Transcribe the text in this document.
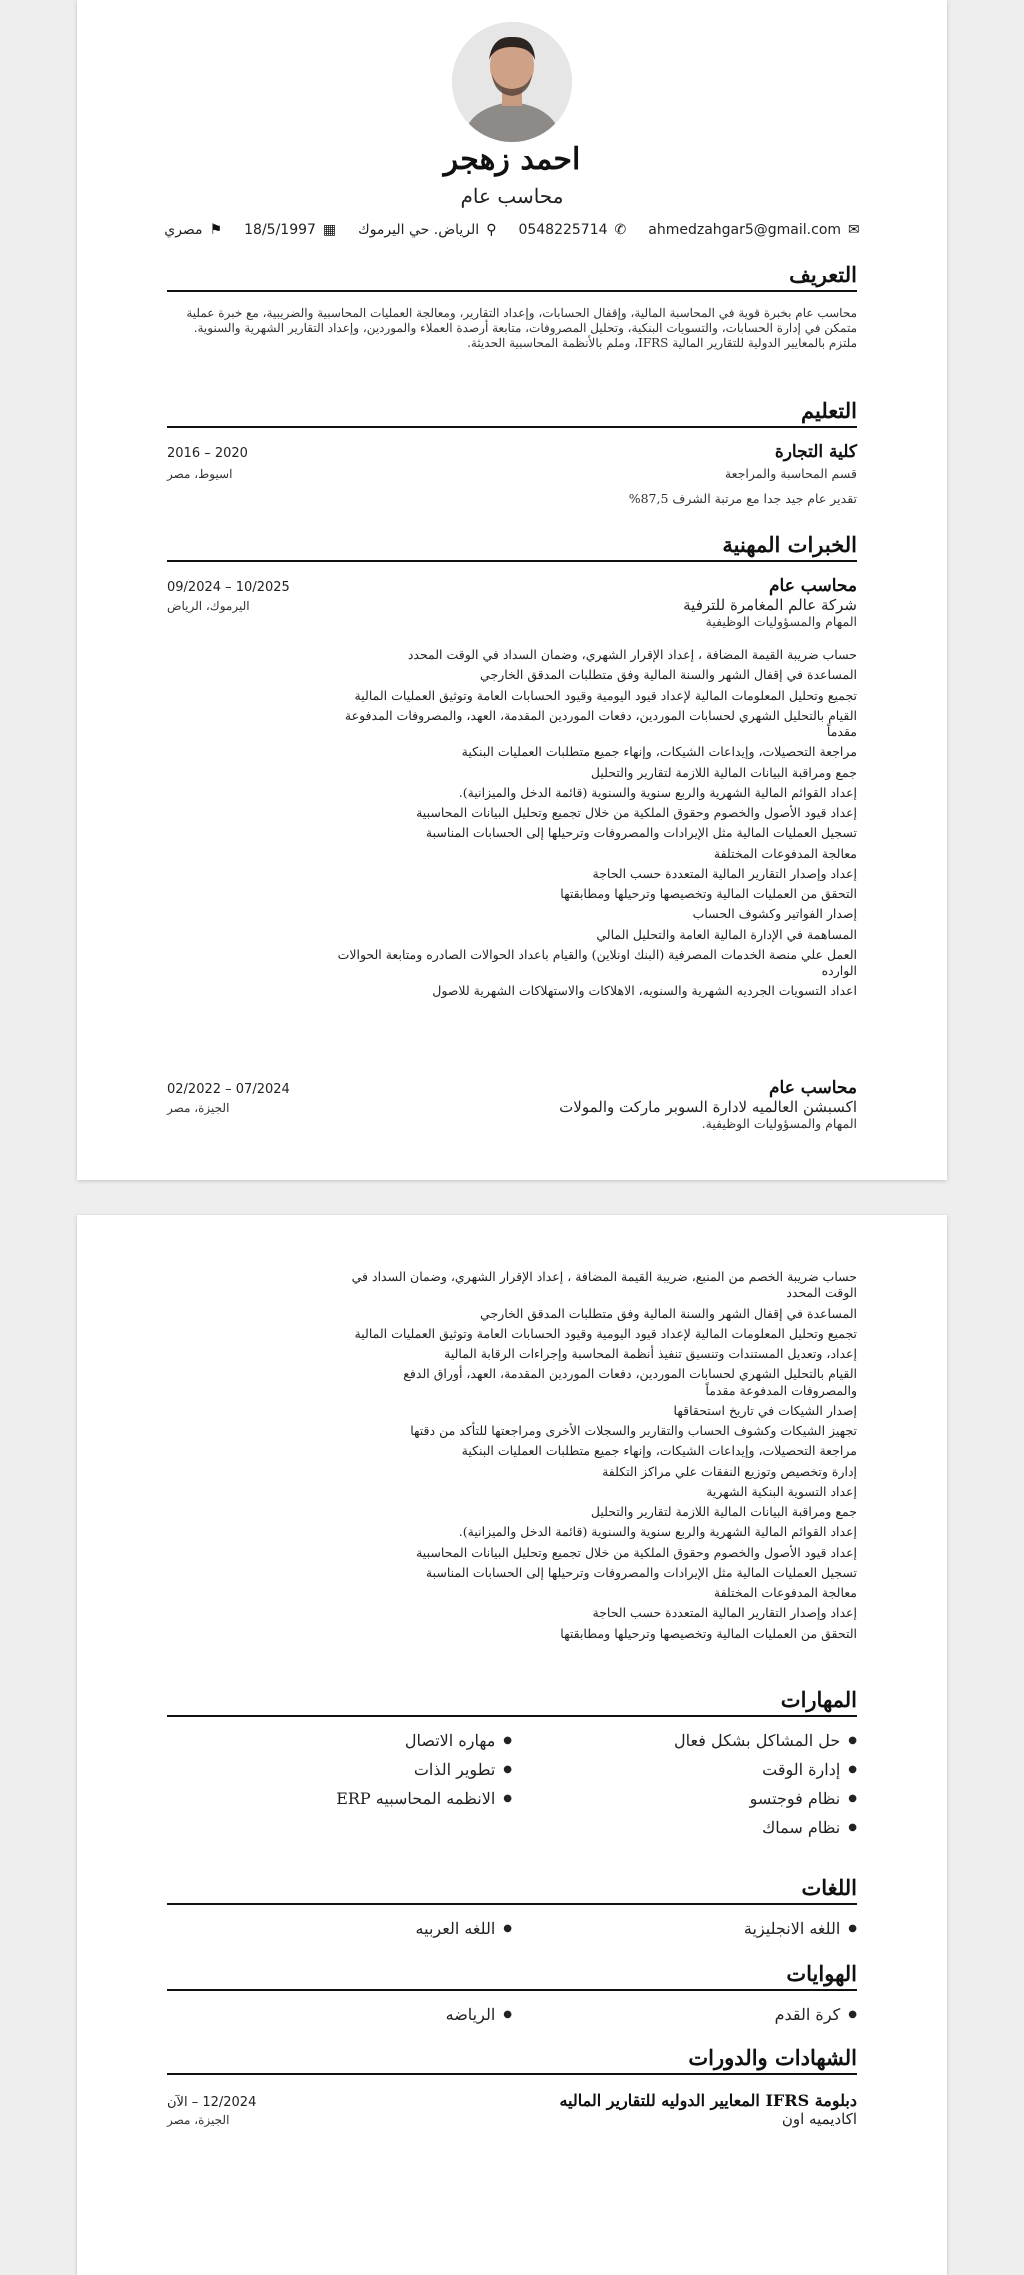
احمد زهجر
محاسب عام
⚑
مصري	▦
18/5/1997	⚲
الرياض. حي اليرموك	✆
0548225714	✉
ahmedzahgar5@gmail.com
التعريف
محاسب عام بخبرة قوية في المحاسبة المالية، وإقفال الحسابات، وإعداد التقارير، ومعالجة العمليات المحاسبية والضريبية، مع خبرة عملية متمكن في إدارة الحسابات، والتسويات البنكية، وتحليل المصروفات، متابعة أرصدة العملاء والموردين، وإعداد التقارير الشهرية والسنوية. ملتزم بالمعايير الدولية للتقارير المالية IFRS، وملم بالأنظمة المحاسبية الحديثة.
التعليم
كلية التجارة
2016 – 2020
قسم المحاسبة والمراجعة
اسيوط، مصر
تقدير عام جيد جدا مع مرتبة الشرف 87,5%
الخبرات المهنية
محاسب عام
09/2024 – 10/2025
شركة عالم المغامرة للترفية
اليرموك، الرياض
المهام والمسؤوليات الوظيفية
حساب ضريبة القيمة المضافة ، إعداد الإقرار الشهري، وضمان السداد في الوقت المحدد
المساعدة في إقفال الشهر والسنة المالية وفق متطلبات المدقق الخارجي
تجميع وتحليل المعلومات المالية لإعداد قيود اليومية وقيود الحسابات العامة وتوثيق العمليات المالية
القيام بالتحليل الشهري لحسابات الموردين، دفعات الموردين المقدمة، العهد، والمصروفات المدفوعة مقدماً
مراجعة التحصيلات، وإيداعات الشيكات، وإنهاء جميع متطلبات العمليات البنكية
جمع ومراقبة البيانات المالية اللازمة لتقارير والتحليل
إعداد القوائم المالية الشهرية والربع سنوية والسنوية (قائمة الدخل والميزانية).
إعداد قيود الأصول والخصوم وحقوق الملكية من خلال تجميع وتحليل البيانات المحاسبية
تسجيل العمليات المالية مثل الإيرادات والمصروفات وترحيلها إلى الحسابات المناسبة
معالجة المدفوعات المختلفة
إعداد وإصدار التقارير المالية المتعددة حسب الحاجة
التحقق من العمليات المالية وتخصيصها وترحيلها ومطابقتها
إصدار الفواتير وكشوف الحساب
المساهمة في الإدارة المالية العامة والتحليل المالي
العمل علي منصة الخدمات المصرفية (البنك اونلاين) والقيام باعداد الحوالات الصادره ومتابعة الحوالات الوارده
اعداد التسويات الجرديه الشهرية والسنويه، الاهلاكات والاستهلاكات الشهرية للاصول
محاسب عام
02/2022 – 07/2024
اكسبشن العالميه لادارة السوبر ماركت والمولات
الجيزة، مصر
المهام والمسؤوليات الوظيفية.
حساب ضريبة الخصم من المنبع، ضريبة القيمة المضافة ، إعداد الإقرار الشهري، وضمان السداد في الوقت المحدد
المساعدة في إقفال الشهر والسنة المالية وفق متطلبات المدقق الخارجي
تجميع وتحليل المعلومات المالية لإعداد قيود اليومية وقيود الحسابات العامة وتوثيق العمليات المالية
إعداد، وتعديل المستندات وتنسيق تنفيذ أنظمة المحاسبة وإجراءات الرقابة المالية
القيام بالتحليل الشهري لحسابات الموردين، دفعات الموردين المقدمة، العهد، أوراق الدفع والمصروفات المدفوعة مقدماً
إصدار الشيكات في تاريخ استحقاقها
تجهيز الشيكات وكشوف الحساب والتقارير والسجلات الأخرى ومراجعتها للتأكد من دقتها
مراجعة التحصيلات، وإيداعات الشيكات، وإنهاء جميع متطلبات العمليات البنكية
إدارة وتخصيص وتوزيع النفقات علي مراكز التكلفة
إعداد التسوية البنكية الشهرية
جمع ومراقبة البيانات المالية اللازمة لتقارير والتحليل
إعداد القوائم المالية الشهرية والربع سنوية والسنوية (قائمة الدخل والميزانية).
إعداد قيود الأصول والخصوم وحقوق الملكية من خلال تجميع وتحليل البيانات المحاسبية
تسجيل العمليات المالية مثل الإيرادات والمصروفات وترحيلها إلى الحسابات المناسبة
معالجة المدفوعات المختلفة
إعداد وإصدار التقارير المالية المتعددة حسب الحاجة
التحقق من العمليات المالية وتخصيصها وترحيلها ومطابقتها
المهارات
●
حل المشاكل بشكل فعال
●
مهاره الاتصال
●
إدارة الوقت
●
تطوير الذات
●
نظام فوجتسو
●
الانظمه المحاسبيه ERP
●
نظام سماك
اللغات
●
اللغه الانجليزية
●
اللغه العربيه
الهوايات
●
كرة القدم
●
الرياضه
الشهادات والدورات
دبلومة IFRS المعايير الدوليه للتقارير الماليه
12/2024 – الآن
اكاديميه اون
الجيزة، مصر
